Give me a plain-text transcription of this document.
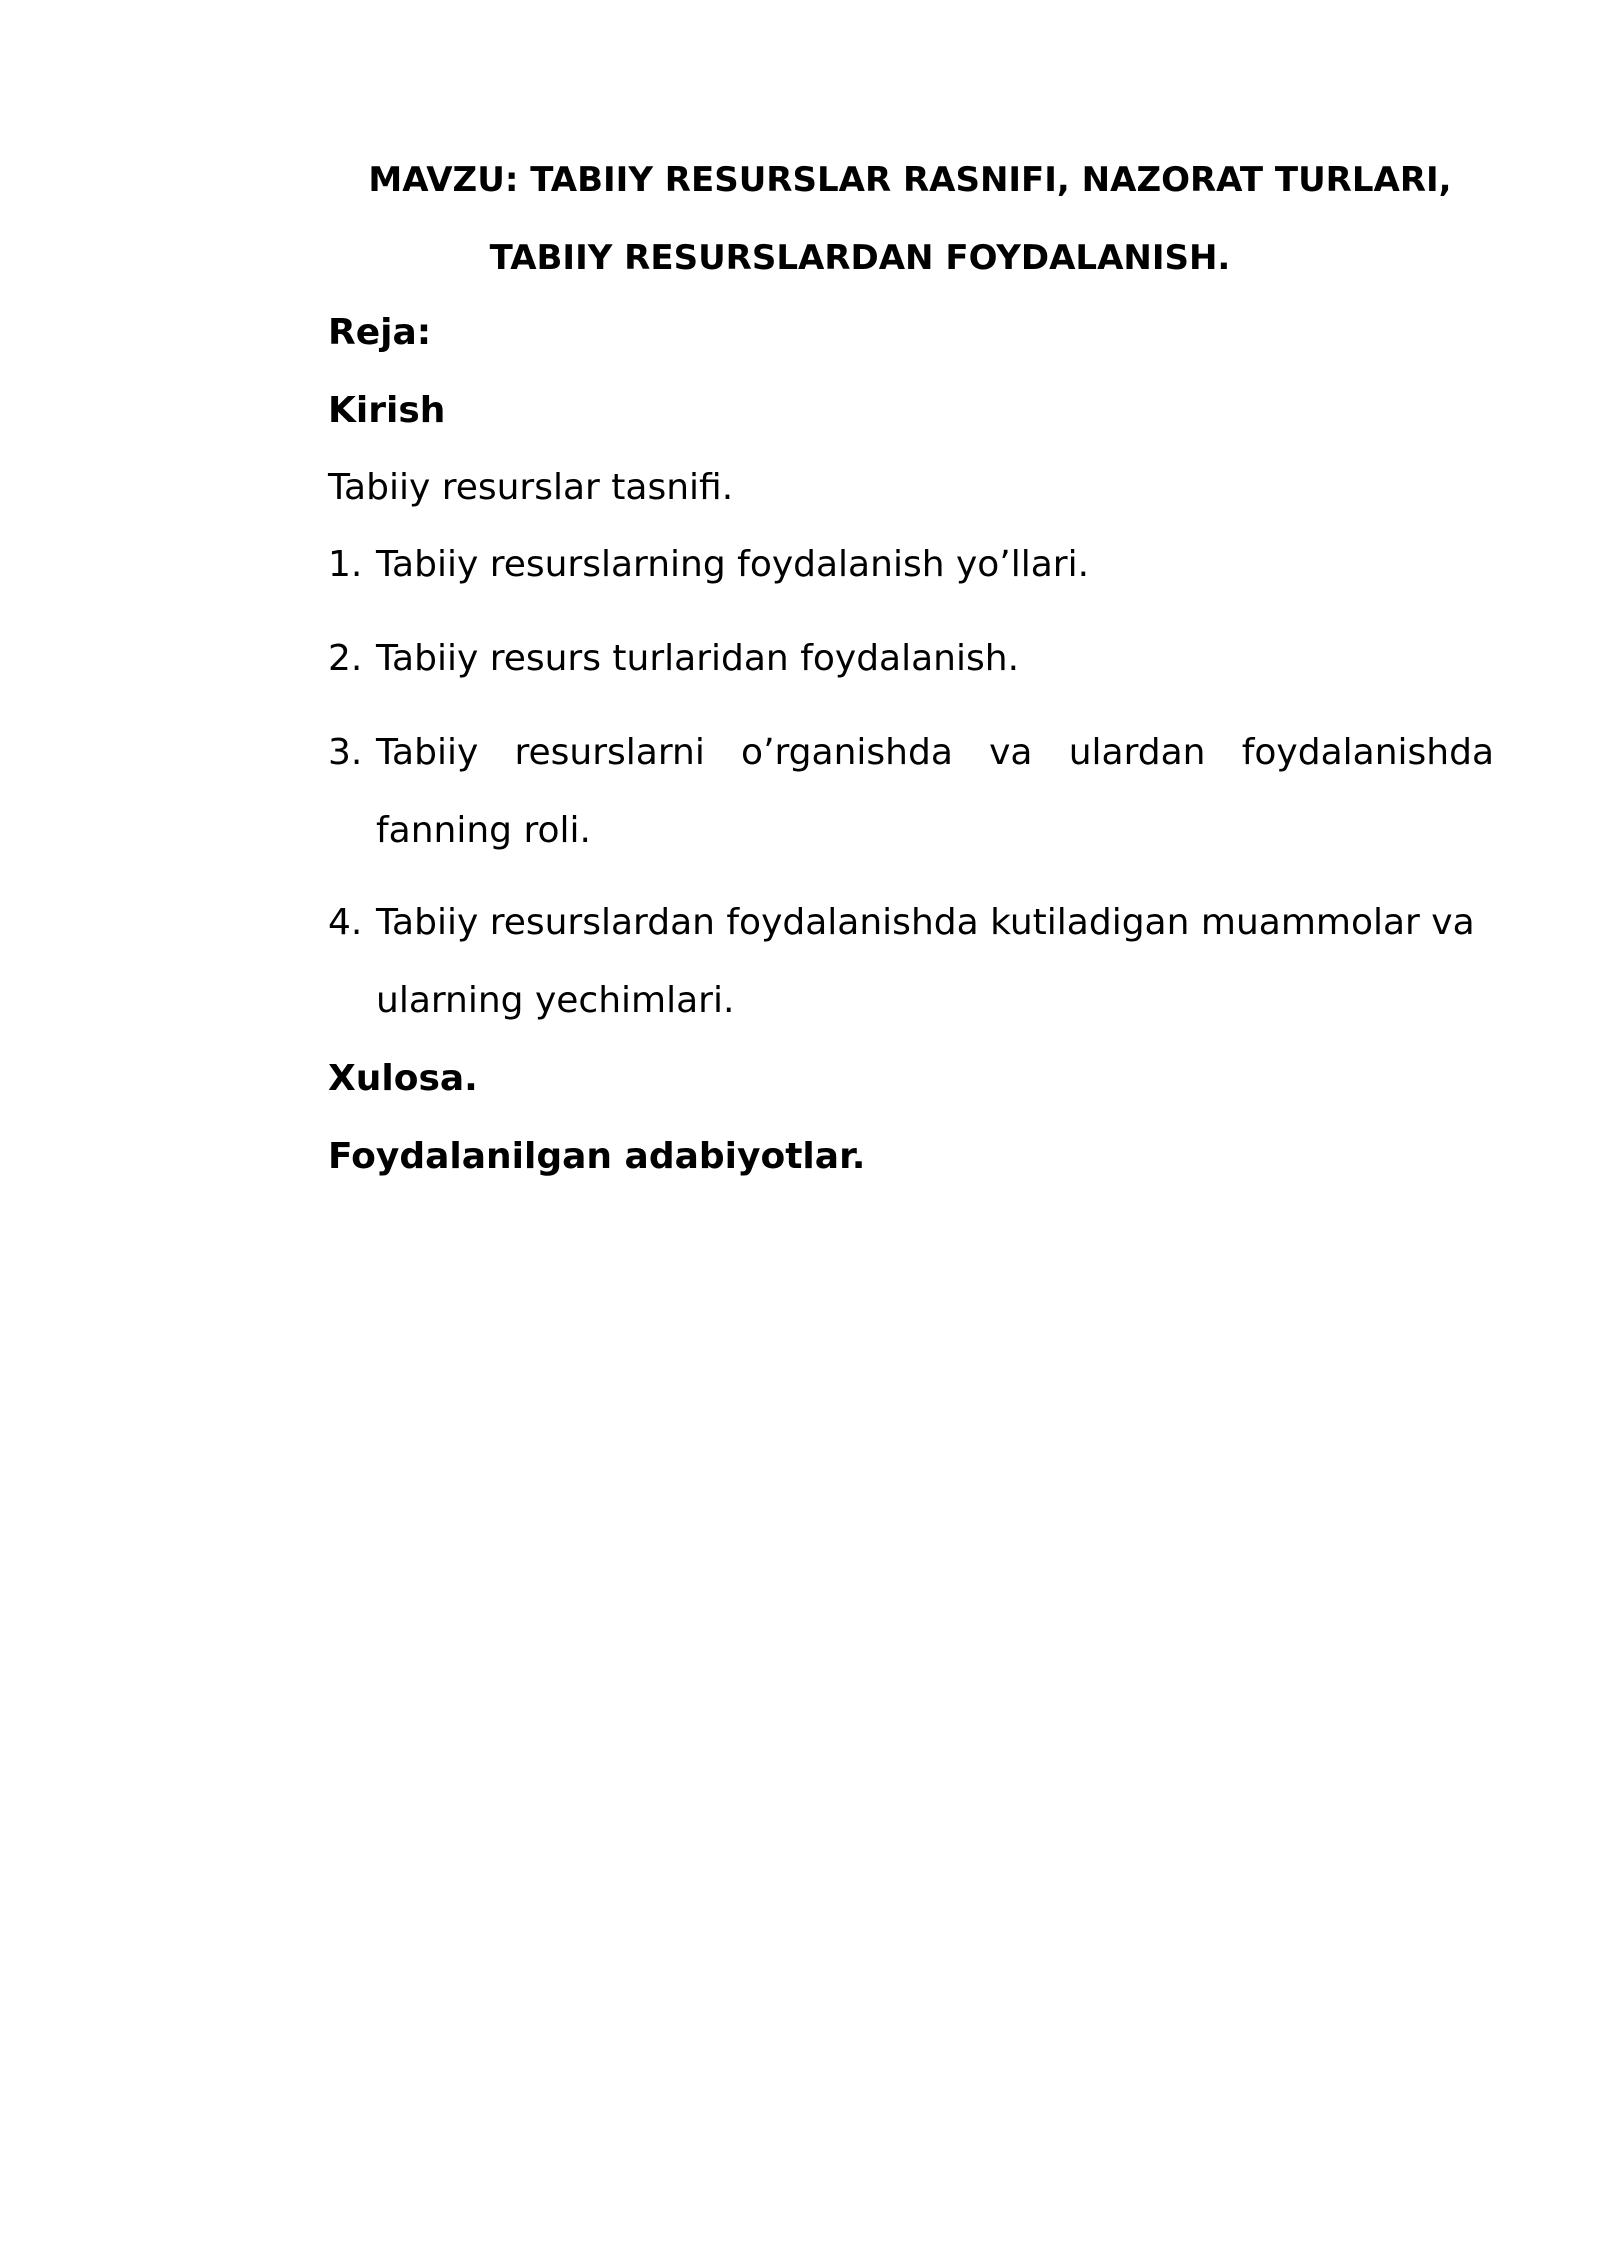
MAVZU: TABIIY RESURSLAR RASNIFI, NAZORAT TURLARI,
TABIIY RESURSLARDAN FOYDALANISH.
Reja:
Kirish
Tabiiy resurslar tasnifi.
1. Tabiiy resurslarning foydalanish yo’llari.
2. Tabiiy resurs turlaridan foydalanish.
3. Tabiiy resurslarni o’rganishda va ulardan foydalanishda fanning roli.
4. Tabiiy resurslardan foydalanishda kutiladigan muammolar va ularning yechimlari.
Xulosa.
Foydalanilgan adabiyotlar.
